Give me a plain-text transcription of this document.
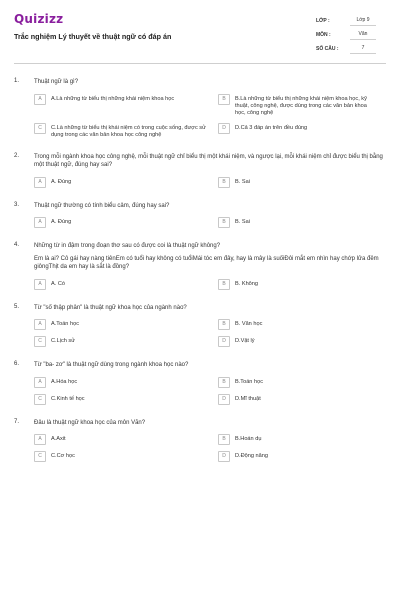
Quizizz
Trắc nghiệm Lý thuyết về thuật ngữ có đáp án
LỚP :	Lớp 9
MÔN :	Văn
SỐ CÂU :	7
1. Thuật ngữ là gì?
A	A.Là những từ biểu thị những khái niệm khoa học	B	B.Là những từ biểu thị những khái niệm khoa học, kỹ thuật, công nghệ, được dùng trong các văn bản khoa học, công nghệ
C	C.Là những từ biểu thị khái niệm có trong cuộc sống, được sử dụng trong các văn bản khoa học công nghệ
D	D.Cả 3 đáp án trên đều đúng
2. Trong mỗi ngành khoa học công nghệ, mỗi thuật ngữ chỉ biểu thị một khái niệm, và ngược lại, mỗi khái niệm chỉ được biểu thị bằng một thuật ngữ, đúng hay sai?
A	A. Đúng	B	B. Sai
3. Thuật ngữ thường có tính biểu cảm, đúng hay sai?
A	A. Đúng	B	B. Sai
4. Những từ in đậm trong đoạn thơ sau có được coi là thuật ngữ không?
Em là ai? Cô gái hay nàng tiênEm có tuổi hay không có tuổiMái tóc em đây, hay là mây là suốiĐôi mắt em nhìn hay chớp lửa đêm giôngThịt da em hay là sắt là đồng?
A	A. Có	B	B. Không
5. Từ "số thập phân" là thuật ngữ khoa học của ngành nào?
A	A.Toán học	B	B. Văn học
C	C.Lịch sử	D	D.Vật lý
6. Từ "ba- zơ" là thuật ngữ dùng trong ngành khoa học nào?
A	A.Hóa học	B	B.Toán học
C	C.Kinh tế học	D	D.Mĩ thuật
7. Đâu là thuật ngữ khoa học của môn Văn?
A	A.Axit	B	B.Hoán dụ
C	C.Cơ học	D	D.Động năng
